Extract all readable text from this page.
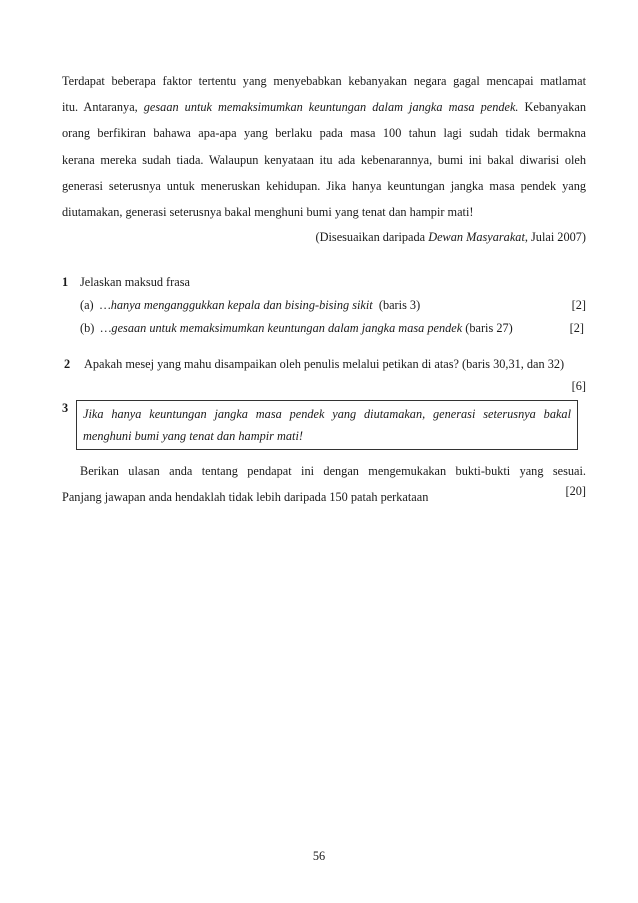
Terdapat beberapa faktor tertentu yang menyebabkan kebanyakan negara gagal mencapai matlamat
itu. Antaranya, gesaan untuk memaksimumkan keuntungan dalam jangka masa pendek. Kebanyakan
orang berfikiran bahawa apa-apa yang berlaku pada masa 100 tahun lagi sudah tidak bermakna
kerana mereka sudah tiada. Walaupun kenyataan itu ada kebenarannya, bumi ini bakal diwarisi oleh
generasi seterusnya untuk meneruskan kehidupan. Jika hanya keuntungan jangka masa pendek yang
diutamakan, generasi seterusnya bakal menghuni bumi yang tenat dan hampir mati!
(Disesuaikan daripada Dewan Masyarakat, Julai 2007)
1 Jelaskan maksud frasa
(a) …hanya menganggukkan kepala dan bising-bising sikit (baris 3)	[2]
(b) …gesaan untuk memaksimumkan keuntungan dalam jangka masa pendek (baris 27)	[2]
2 Apakah mesej yang mahu disampaikan oleh penulis melalui petikan di atas? (baris 30,31, dan 32)
[6]
3 Jika hanya keuntungan jangka masa pendek yang diutamakan, generasi seterusnya bakal
menghuni bumi yang tenat dan hampir mati!
Berikan ulasan anda tentang pendapat ini dengan mengemukakan bukti-bukti yang sesuai.
Panjang jawapan anda hendaklah tidak lebih daripada 150 patah perkataan	[20]
56
